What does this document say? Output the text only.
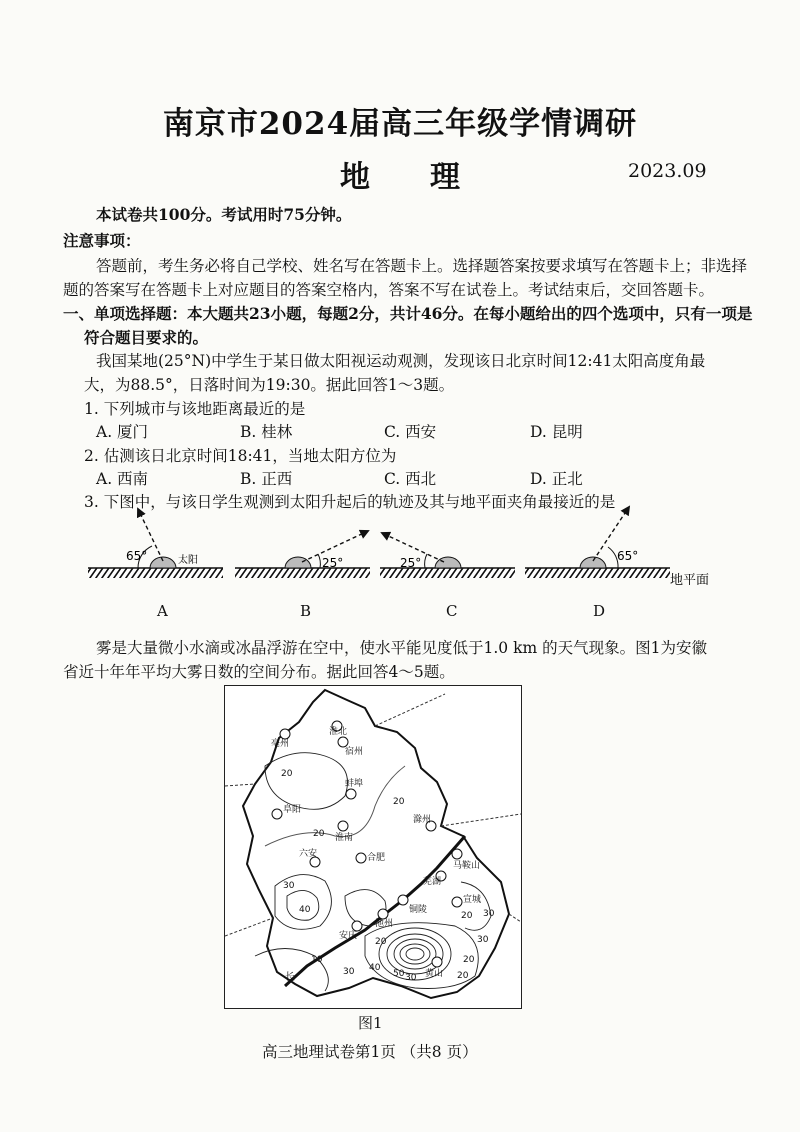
南京市2024届高三年级学情调研
地 理	2023.09
本试卷共100分。考试用时75分钟。
注意事项：
答题前，考生务必将自己学校、姓名写在答题卡上。选择题答案按要求填写在答题卡上；非选择
题的答案写在答题卡上对应题目的答案空格内，答案不写在试卷上。考试结束后，交回答题卡。
一、单项选择题：本大题共23小题，每题2分，共计46分。在每小题给出的四个选项中，只有一项是
符合题目要求的。
我国某地(25°N)中学生于某日做太阳视运动观测，发现该日北京时间12:41太阳高度角最
大，为88.5°，日落时间为19:30。据此回答1～3题。
1. 下列城市与该地距离最近的是
A. 厦门	B. 桂林	C. 西安	D. 昆明
2. 估测该日北京时间18:41，当地太阳方位为
A. 西南	B. 正西	C. 西北	D. 正北
3. 下图中，与该日学生观测到太阳升起后的轨迹及其与地平面夹角最接近的是
65°	太阳	25°	25°	65°
地平面
A	B	C	D
雾是大量微小水滴或冰晶浮游在空中，使水平能见度低于1.0 km 的天气现象。图1为安徽
省近十年年平均大雾日数的空间分布。据此回答4～5题。
淮北
亳州
宿州
阜阳
蚌埠
淮南
滁州
六安	合肥
马鞍山
芜湖
铜陵
宣城
安庆
池州
黄山
20
20
20
30
40
20
20
30
10
30 40
50 30	20
20
30
长
图1
高三地理试卷第1页 （共8 页）
